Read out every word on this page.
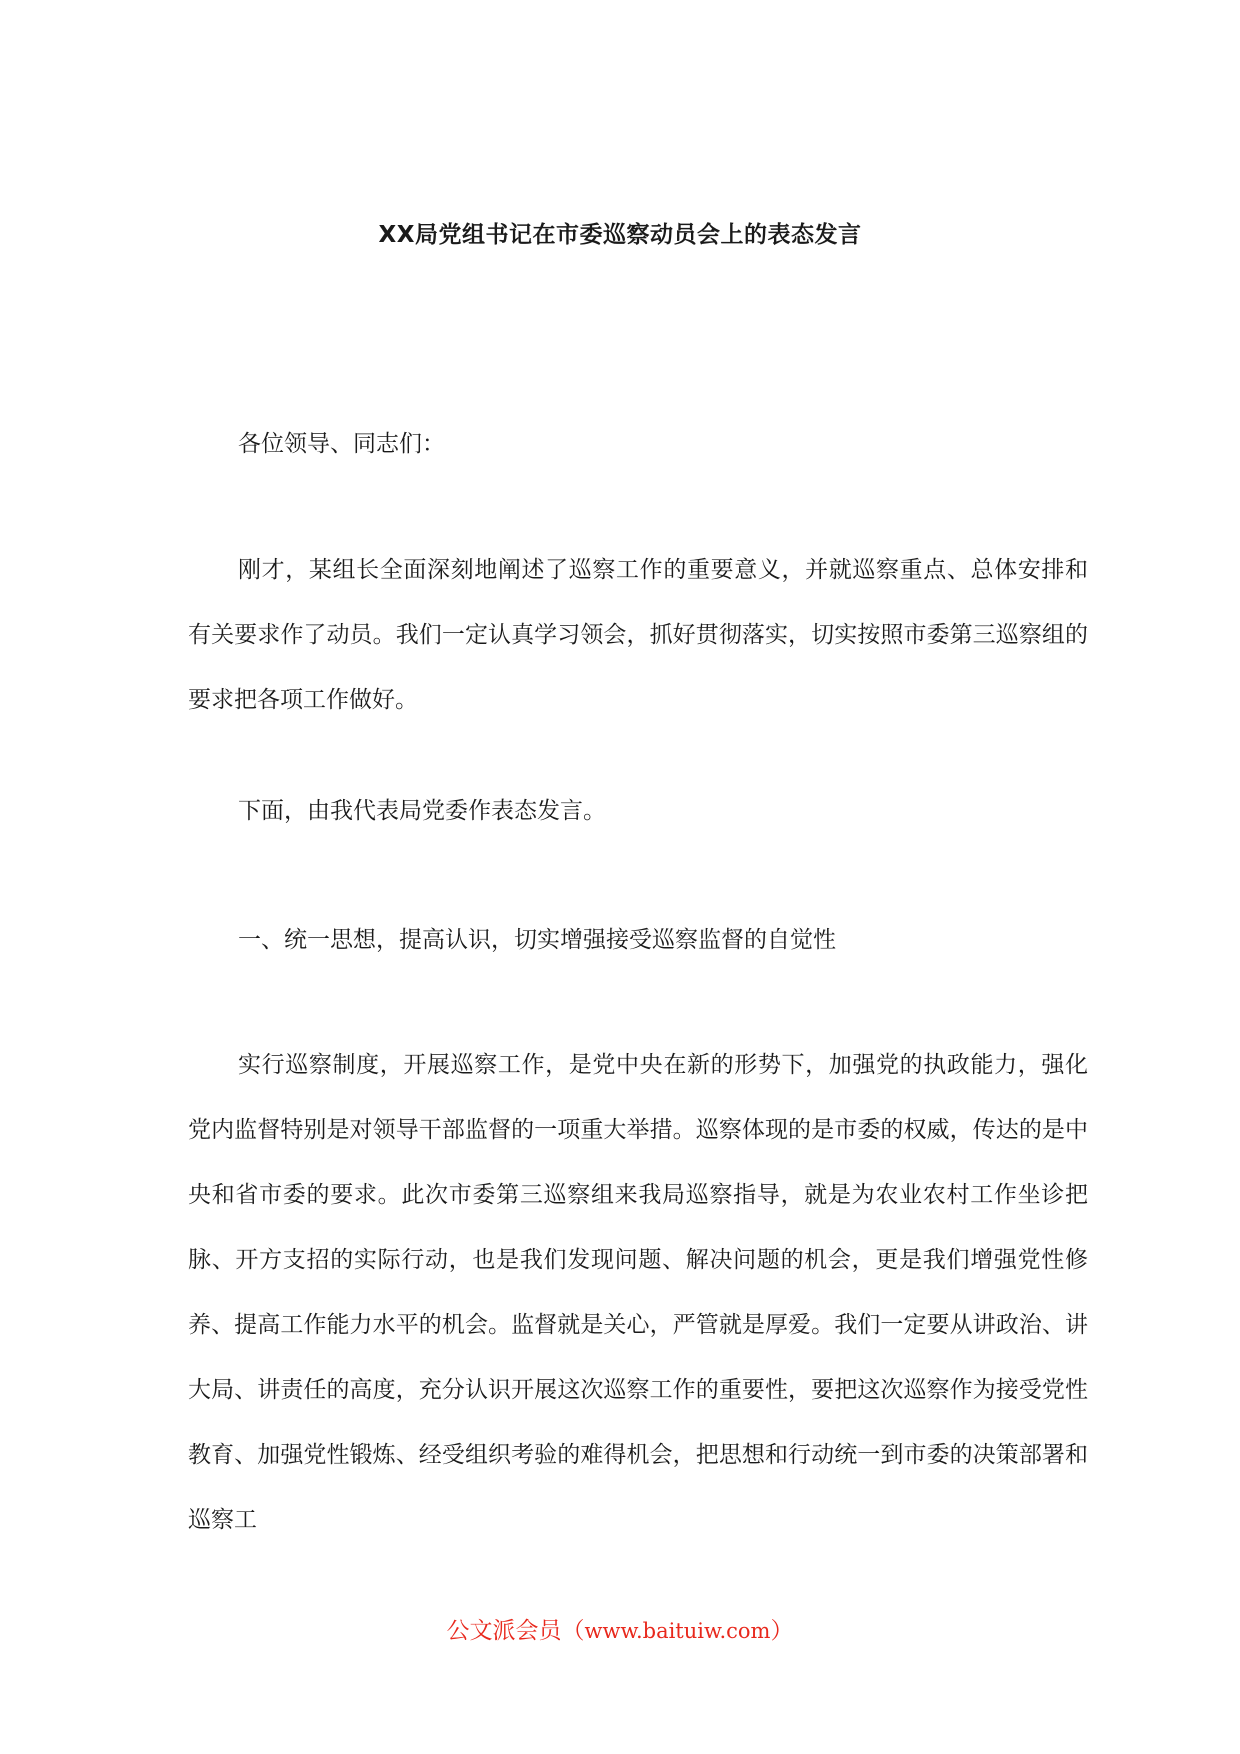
XX局党组书记在市委巡察动员会上的表态发言

各位领导、同志们：

刚才，某组长全面深刻地阐述了巡察工作的重要意义，并就巡察重点、总体安排和有关要求作了动员。我们一定认真学习领会，抓好贯彻落实，切实按照市委第三巡察组的要求把各项工作做好。

下面，由我代表局党委作表态发言。

一、统一思想，提高认识，切实增强接受巡察监督的自觉性

实行巡察制度，开展巡察工作，是党中央在新的形势下，加强党的执政能力，强化党内监督特别是对领导干部监督的一项重大举措。巡察体现的是市委的权威，传达的是中央和省市委的要求。此次市委第三巡察组来我局巡察指导，就是为农业农村工作坐诊把脉、开方支招的实际行动，也是我们发现问题、解决问题的机会，更是我们增强党性修养、提高工作能力水平的机会。监督就是关心，严管就是厚爱。我们一定要从讲政治、讲大局、讲责任的高度，充分认识开展这次巡察工作的重要性，要把这次巡察作为接受党性教育、加强党性锻炼、经受组织考验的难得机会，把思想和行动统一到市委的决策部署和巡察工

公文派会员（www.baituiw.com）
